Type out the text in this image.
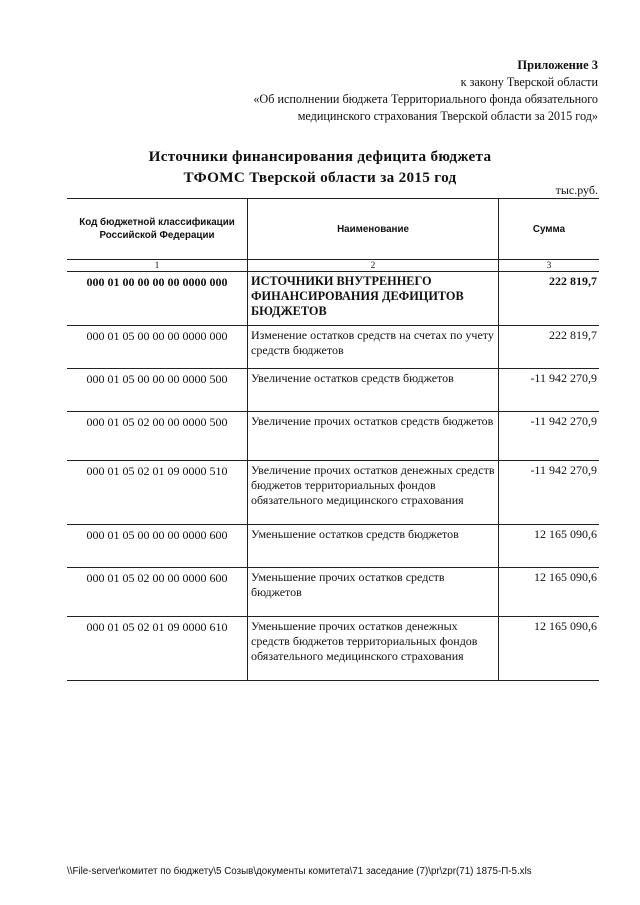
Приложение 3
к закону Тверской области
«Об исполнении бюджета Территориального фонда обязательного
медицинского страхования Тверской области за 2015 год»
Источники финансирования дефицита бюджета
ТФОМС Тверской области за 2015 год
тыс.руб.
Код бюджетной классификации Российской Федерации	Наименование	Сумма
1	2	3
000 01 00 00 00 00 0000 000	ИСТОЧНИКИ ВНУТРЕННЕГО ФИНАНСИРОВАНИЯ ДЕФИЦИТОВ БЮДЖЕТОВ	222 819,7
000 01 05 00 00 00 0000 000	Изменение остатков средств на счетах по учету средств бюджетов	222 819,7
000 01 05 00 00 00 0000 500	Увеличение остатков средств бюджетов	-11 942 270,9
000 01 05 02 00 00 0000 500	Увеличение прочих остатков средств бюджетов	-11 942 270,9
000 01 05 02 01 09 0000 510	Увеличение прочих остатков денежных средств бюджетов территориальных фондов обязательного медицинского страхования	-11 942 270,9
000 01 05 00 00 00 0000 600	Уменьшение остатков средств бюджетов	12 165 090,6
000 01 05 02 00 00 0000 600	Уменьшение прочих остатков средств бюджетов	12 165 090,6
000 01 05 02 01 09 0000 610	Уменьшение прочих остатков денежных средств бюджетов территориальных фондов обязательного медицинского страхования	12 165 090,6
\\File-server\комитет по бюджету\5 Созыв\документы комитета\71 заседание (7)\pr\zpr(71) 1875-П-5.xls
